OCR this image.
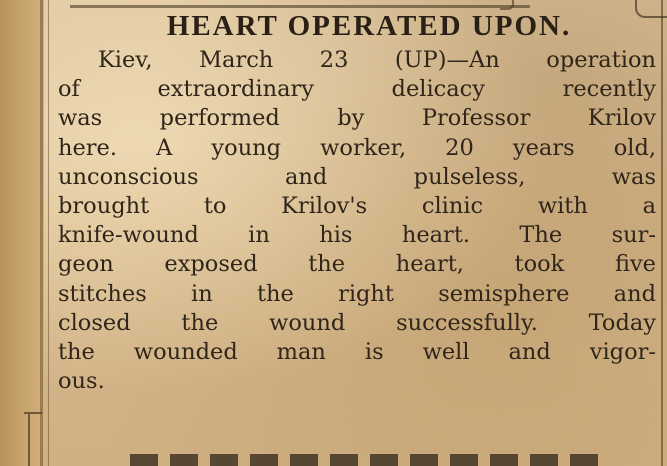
HEART OPERATED UPON.
Kiev, March 23 (UP)—An operation
of extraordinary delicacy recently
was performed by Professor Krilov
here. A young worker, 20 years old,
unconscious and pulseless, was
brought to Krilov's clinic with a
knife-wound in his heart. The sur-
geon exposed the heart, took five
stitches in the right semisphere and
closed the wound successfully. Today
the wounded man is well and vigor-
ous.
